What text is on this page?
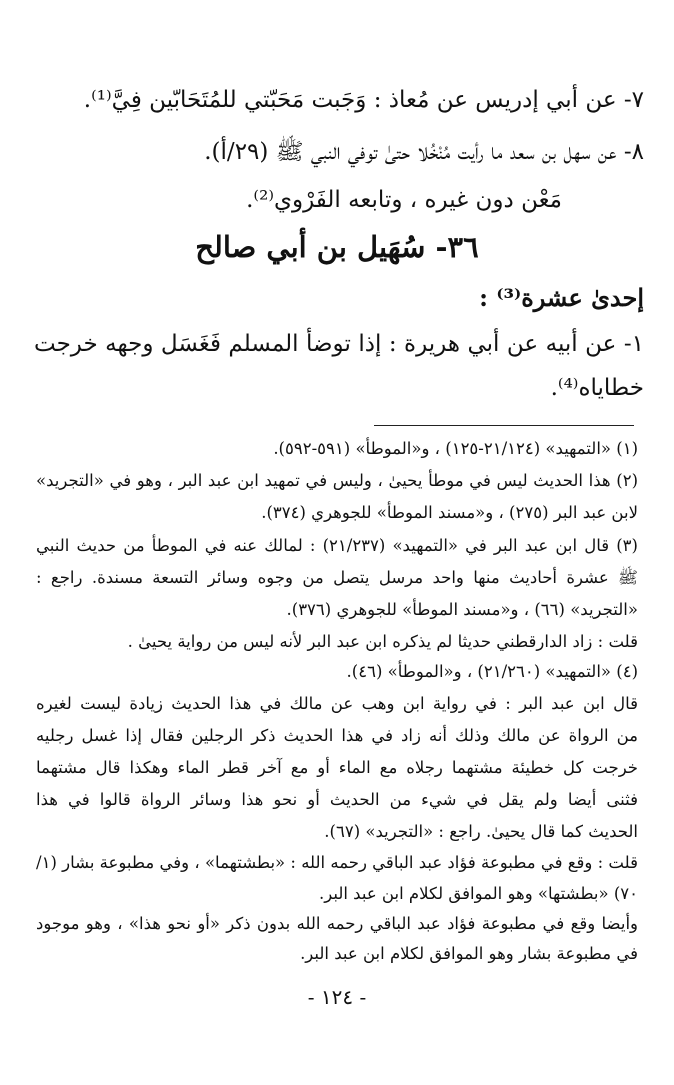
٧- عن أبي إدريس عن مُعاذ : وَجَبت مَحَبّتي للمُتَحَابّين فِيَّ⁽¹⁾.
٨- عن سهل بن سعد ما رأيت مُنْخُلا حتىٰ توفي النبي ﷺ (٢٩/أ).
مَعْن دون غيره ، وتابعه الفَرْوي⁽²⁾.
٣٦- سُهَيل بن أبي صالح
إحدىٰ عشرة⁽³⁾ :
١- عن أبيه عن أبي هريرة : إذا توضأ المسلم فَغَسَل وجهه خرجت
خطاياه⁽⁴⁾.
(١) «التمهيد» (٢١/١٢٤-١٢٥) ، و«الموطأ» (٥٩١-٥٩٢).
(٢) هذا الحديث ليس في موطأ يحيىٰ ، وليس في تمهيد ابن عبد البر ، وهو في «التجريد»
لابن عبد البر (٢٧٥) ، و«مسند الموطأ» للجوهري (٣٧٤).
(٣) قال ابن عبد البر في «التمهيد» (٢١/٢٣٧) : لمالك عنه في الموطأ من حديث النبي
ﷺ عشرة أحاديث منها واحد مرسل يتصل من وجوه وسائر التسعة مسندة. راجع :
«التجريد» (٦٦) ، و«مسند الموطأ» للجوهري (٣٧٦).
قلت : زاد الدارقطني حديثا لم يذكره ابن عبد البر لأنه ليس من رواية يحيىٰ .
(٤) «التمهيد» (٢١/٢٦٠) ، و«الموطأ» (٤٦).
قال ابن عبد البر : في رواية ابن وهب عن مالك في هذا الحديث زيادة ليست لغيره
من الرواة عن مالك وذلك أنه زاد في هذا الحديث ذكر الرجلين فقال إذا غسل رجليه
خرجت كل خطيئة مشتهما رجلاه مع الماء أو مع آخر قطر الماء وهكذا قال مشتهما
فثنى أيضا ولم يقل في شيء من الحديث أو نحو هذا وسائر الرواة قالوا في هذا
الحديث كما قال يحيىٰ. راجع : «التجريد» (٦٧).
قلت : وقع في مطبوعة فؤاد عبد الباقي رحمه الله : «بطشتهما» ، وفي مطبوعة بشار (١/
٧٠) «بطشتها» وهو الموافق لكلام ابن عبد البر.
وأيضا وقع في مطبوعة فؤاد عبد الباقي رحمه الله بدون ذكر «أو نحو هذا» ، وهو موجود
في مطبوعة بشار وهو الموافق لكلام ابن عبد البر.
- ١٢٤ -
